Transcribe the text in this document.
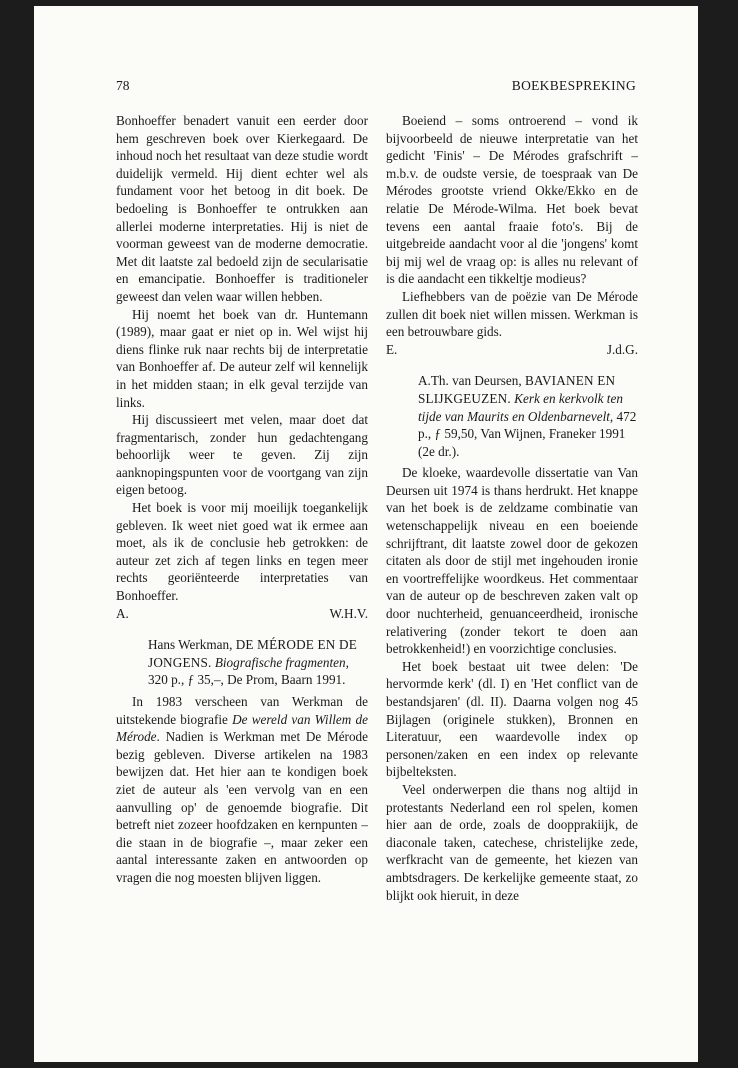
78	BOEKBESPREKING

Bonhoeffer benadert vanuit een eerder door hem geschreven boek over Kierkegaard. De inhoud noch het resultaat van deze studie wordt duidelijk vermeld. Hij dient echter wel als fundament voor het betoog in dit boek. De bedoeling is Bonhoeffer te ontrukken aan allerlei moderne interpretaties. Hij is niet de voorman geweest van de moderne democratie. Met dit laatste zal bedoeld zijn de secularisatie en emancipatie. Bonhoeffer is traditioneler geweest dan velen waar willen hebben.

Hij noemt het boek van dr. Huntemann (1989), maar gaat er niet op in. Wel wijst hij diens flinke ruk naar rechts bij de interpretatie van Bonhoeffer af. De auteur zelf wil kennelijk in het midden staan; in elk geval terzijde van links.

Hij discussieert met velen, maar doet dat fragmentarisch, zonder hun gedachtengang behoorlijk weer te geven. Zij zijn aanknopingspunten voor de voortgang van zijn eigen betoog.

Het boek is voor mij moeilijk toegankelijk gebleven. Ik weet niet goed wat ik ermee aan moet, als ik de conclusie heb getrokken: de auteur zet zich af tegen links en tegen meer rechts georiënteerde interpretaties van Bonhoeffer.

A.	W.H.V.
Hans Werkman, DE MÉRODE EN DE JONGENS. Biografische fragmenten, 320 p., ƒ 35,–, De Prom, Baarn 1991.

In 1983 verscheen van Werkman de uitstekende biografie De wereld van Willem de Mérode. Nadien is Werkman met De Mérode bezig gebleven. Diverse artikelen na 1983 bewijzen dat. Het hier aan te kondigen boek ziet de auteur als 'een vervolg van en een aanvulling op' de genoemde biografie. Dit betreft niet zozeer hoofdzaken en kernpunten – die staan in de biografie –, maar zeker een aantal interessante zaken en antwoorden op vragen die nog moesten blijven liggen.

Boeiend – soms ontroerend – vond ik bijvoorbeeld de nieuwe interpretatie van het gedicht 'Finis' – De Mérodes grafschrift – m.b.v. de oudste versie, de toespraak van De Mérodes grootste vriend Okke/Ekko en de relatie De Mérode-Wilma. Het boek bevat tevens een aantal fraaie foto's. Bij de uitgebreide aandacht voor al die 'jongens' komt bij mij wel de vraag op: is alles nu relevant of is die aandacht een tikkeltje modieus?

Liefhebbers van de poëzie van De Mérode zullen dit boek niet willen missen. Werkman is een betrouwbare gids.

E.	J.d.G.
A.Th. van Deursen, BAVIANEN EN SLIJKGEUZEN. Kerk en kerkvolk ten tijde van Maurits en Oldenbarnevelt, 472 p., ƒ 59,50, Van Wijnen, Franeker 1991 (2e dr.).

De kloeke, waardevolle dissertatie van Van Deursen uit 1974 is thans herdrukt. Het knappe van het boek is de zeldzame combinatie van wetenschappelijk niveau en een boeiende schrijftrant, dit laatste zowel door de gekozen citaten als door de stijl met ingehouden ironie en voortreffelijke woordkeus. Het commentaar van de auteur op de beschreven zaken valt op door nuchterheid, genuanceerdheid, ironische relativering (zonder tekort te doen aan betrokkenheid!) en voorzichtige conclusies.

Het boek bestaat uit twee delen: 'De hervormde kerk' (dl. I) en 'Het conflict van de bestandsjaren' (dl. II). Daarna volgen nog 45 Bijlagen (originele stukken), Bronnen en Literatuur, een waardevolle index op personen/zaken en een index op relevante bijbelteksten.

Veel onderwerpen die thans nog altijd in protestants Nederland een rol spelen, komen hier aan de orde, zoals de doopprakiijk, de diaconale taken, catechese, christelijke zede, werfkracht van de gemeente, het kiezen van ambtsdragers. De kerkelijke gemeente staat, zo blijkt ook hieruit, in deze
